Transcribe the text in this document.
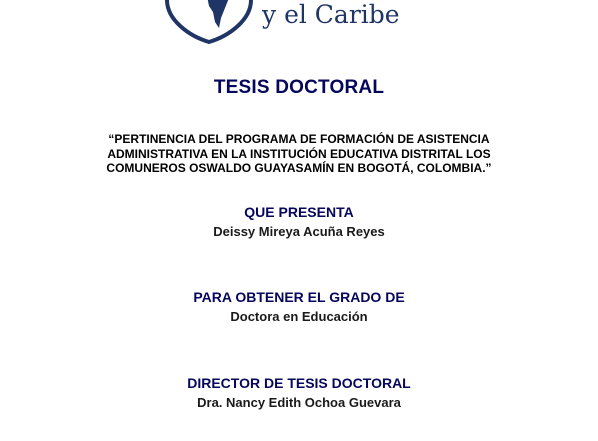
y el Caribe
TESIS DOCTORAL
“PERTINENCIA DEL PROGRAMA DE FORMACIÓN DE ASISTENCIA
ADMINISTRATIVA EN LA INSTITUCIÓN EDUCATIVA DISTRITAL LOS
COMUNEROS OSWALDO GUAYASAMÍN EN BOGOTÁ, COLOMBIA.”
QUE PRESENTA
Deissy Mireya Acuña Reyes
PARA OBTENER EL GRADO DE
Doctora en Educación
DIRECTOR DE TESIS DOCTORAL
Dra. Nancy Edith Ochoa Guevara
